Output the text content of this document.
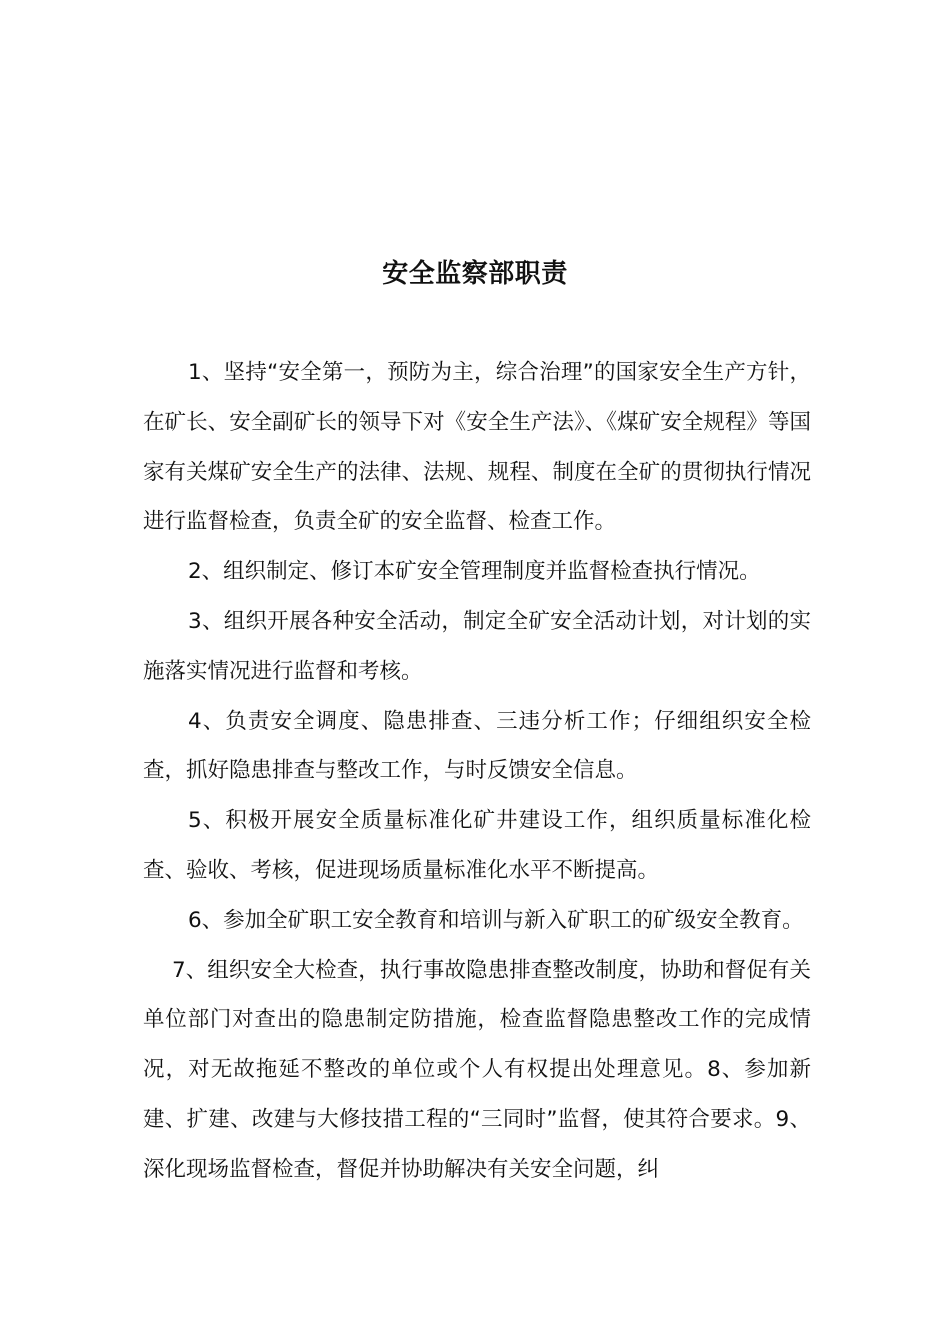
安全监察部职责

1、坚持“安全第一，预防为主，综合治理”的国家安全生产方针，在矿长、安全副矿长的领导下对《安全生产法》、《煤矿安全规程》等国家有关煤矿安全生产的法律、法规、规程、制度在全矿的贯彻执行情况进行监督检查，负责全矿的安全监督、检查工作。

2、组织制定、修订本矿安全管理制度并监督检查执行情况。

3、组织开展各种安全活动，制定全矿安全活动计划，对计划的实施落实情况进行监督和考核。

4、负责安全调度、隐患排查、三违分析工作；仔细组织安全检查，抓好隐患排查与整改工作，与时反馈安全信息。

5、积极开展安全质量标准化矿井建设工作，组织质量标准化检查、验收、考核，促进现场质量标准化水平不断提高。

6、参加全矿职工安全教育和培训与新入矿职工的矿级安全教育。

7、组织安全大检查，执行事故隐患排查整改制度，协助和督促有关单位部门对查出的隐患制定防措施，检查监督隐患整改工作的完成情况，对无故拖延不整改的单位或个人有权提出处理意见。8、参加新建、扩建、改建与大修技措工程的“三同时”监督，使其符合要求。9、深化现场监督检查，督促并协助解决有关安全问题，纠
